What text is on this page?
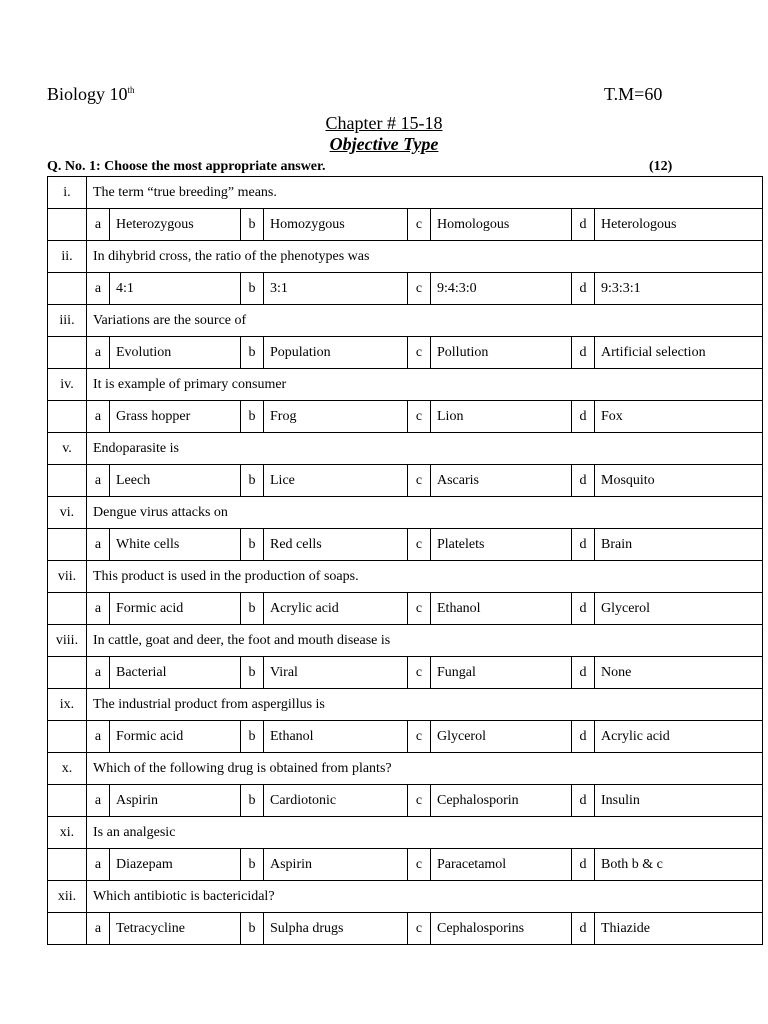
Biology 10th	T.M=60
Chapter # 15-18
Objective Type
Q. No. 1: Choose the most appropriate answer.	(12)
i.	The term “true breeding” means.							
	a	Heterozygous	b	Homozygous	c	Homologous	d	Heterologous
ii.	In dihybrid cross, the ratio of the phenotypes was							
	a	4:1	b	3:1	c	9:4:3:0	d	9:3:3:1
iii.	Variations are the source of							
	a	Evolution	b	Population	c	Pollution	d	Artificial selection
iv.	It is example of primary consumer							
	a	Grass hopper	b	Frog	c	Lion	d	Fox
v.	Endoparasite is							
	a	Leech	b	Lice	c	Ascaris	d	Mosquito
vi.	Dengue virus attacks on							
	a	White cells	b	Red cells	c	Platelets	d	Brain
vii.	This product is used in the production of soaps.							
	a	Formic acid	b	Acrylic acid	c	Ethanol	d	Glycerol
viii.	In cattle, goat and deer, the foot and mouth disease is							
	a	Bacterial	b	Viral	c	Fungal	d	None
ix.	The industrial product from aspergillus is							
	a	Formic acid	b	Ethanol	c	Glycerol	d	Acrylic acid
x.	Which of the following drug is obtained from plants?							
	a	Aspirin	b	Cardiotonic	c	Cephalosporin	d	Insulin
xi.	Is an analgesic							
	a	Diazepam	b	Aspirin	c	Paracetamol	d	Both b & c
xii.	Which antibiotic is bactericidal?							
	a	Tetracycline	b	Sulpha drugs	c	Cephalosporins	d	Thiazide
